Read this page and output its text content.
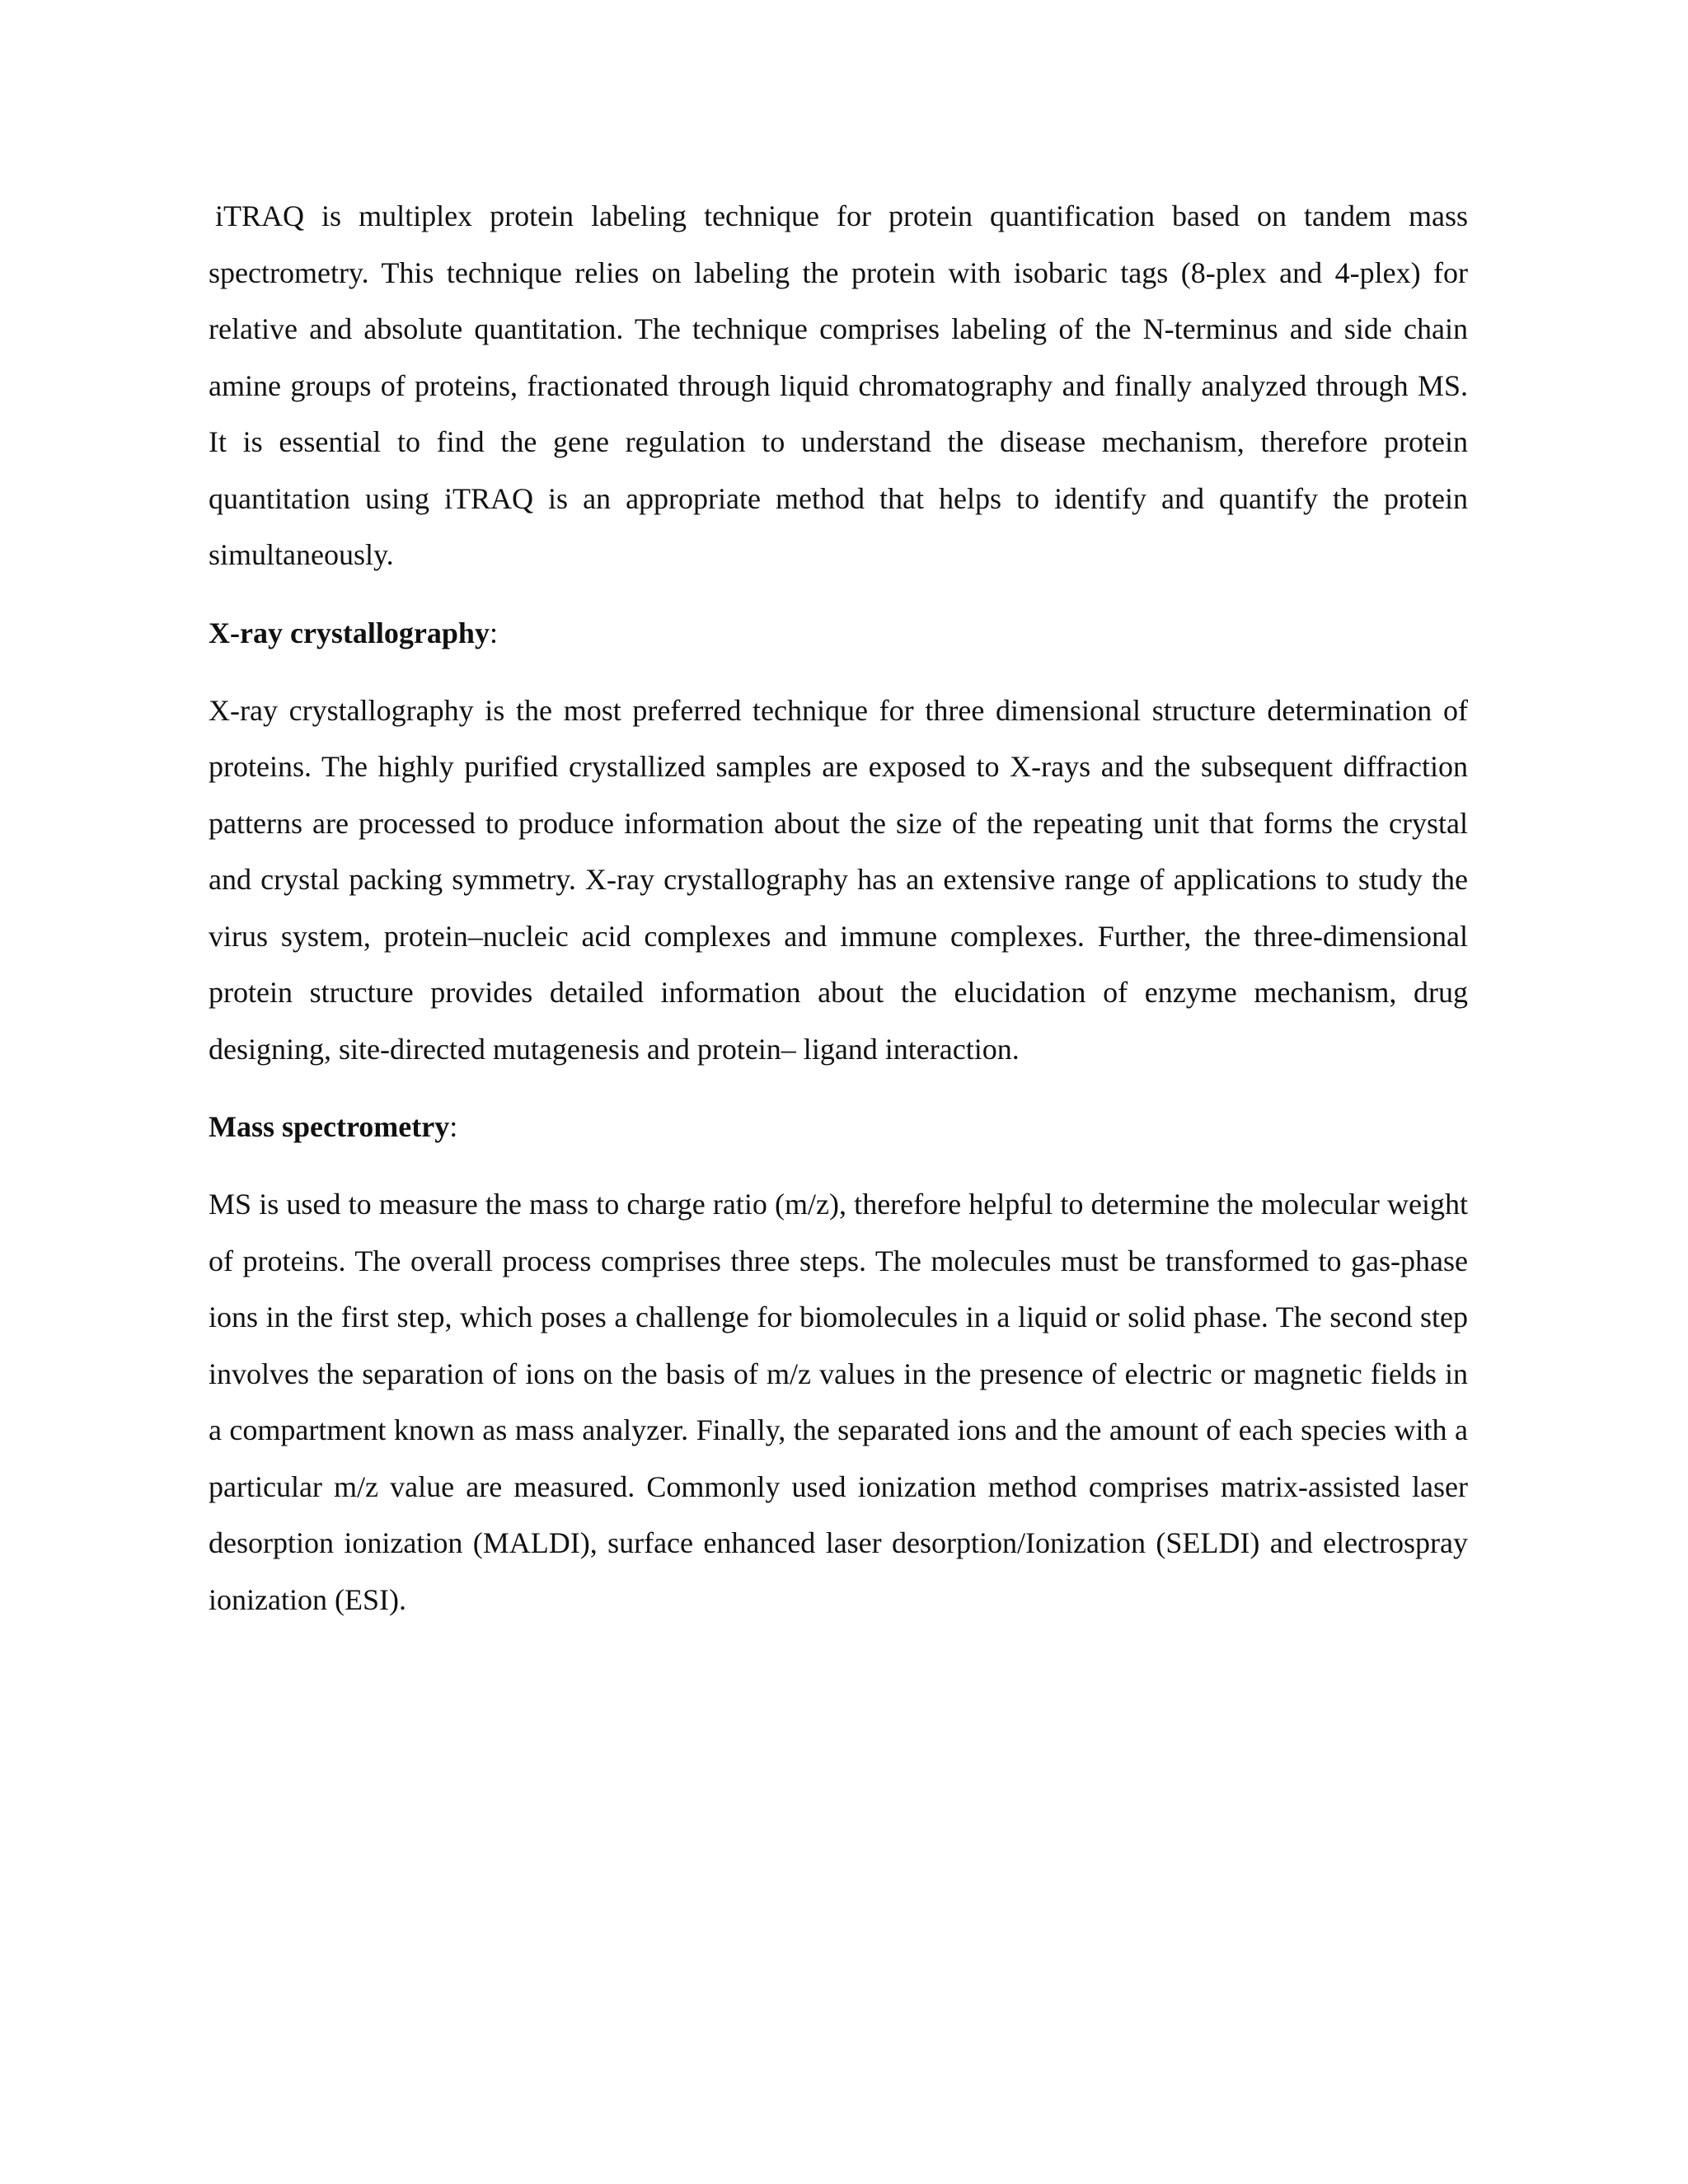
iTRAQ is multiplex protein labeling technique for protein quantification based on tandem mass spectrometry. This technique relies on labeling the protein with isobaric tags (8-plex and 4-plex) for relative and absolute quantitation. The technique comprises labeling of the N-terminus and side chain amine groups of proteins, fractionated through liquid chromatography and finally analyzed through MS. It is essential to find the gene regulation to understand the disease mechanism, therefore protein quantitation using iTRAQ is an appropriate method that helps to identify and quantify the protein simultaneously.

X-ray crystallography:

X-ray crystallography is the most preferred technique for three dimensional structure determination of proteins. The highly purified crystallized samples are exposed to X-rays and the subsequent diffraction patterns are processed to produce information about the size of the repeating unit that forms the crystal and crystal packing symmetry. X-ray crystallography has an extensive range of applications to study the virus system, protein–nucleic acid complexes and immune complexes. Further, the three-dimensional protein structure provides detailed information about the elucidation of enzyme mechanism, drug designing, site-directed mutagenesis and protein– ligand interaction.

Mass spectrometry:

MS is used to measure the mass to charge ratio (m/z), therefore helpful to determine the molecular weight of proteins. The overall process comprises three steps. The molecules must be transformed to gas-phase ions in the first step, which poses a challenge for biomolecules in a liquid or solid phase. The second step involves the separation of ions on the basis of m/z values in the presence of electric or magnetic fields in a compartment known as mass analyzer. Finally, the separated ions and the amount of each species with a particular m/z value are measured. Commonly used ionization method comprises matrix-assisted laser desorption ionization (MALDI), surface enhanced laser desorption/Ionization (SELDI) and electrospray ionization (ESI).
